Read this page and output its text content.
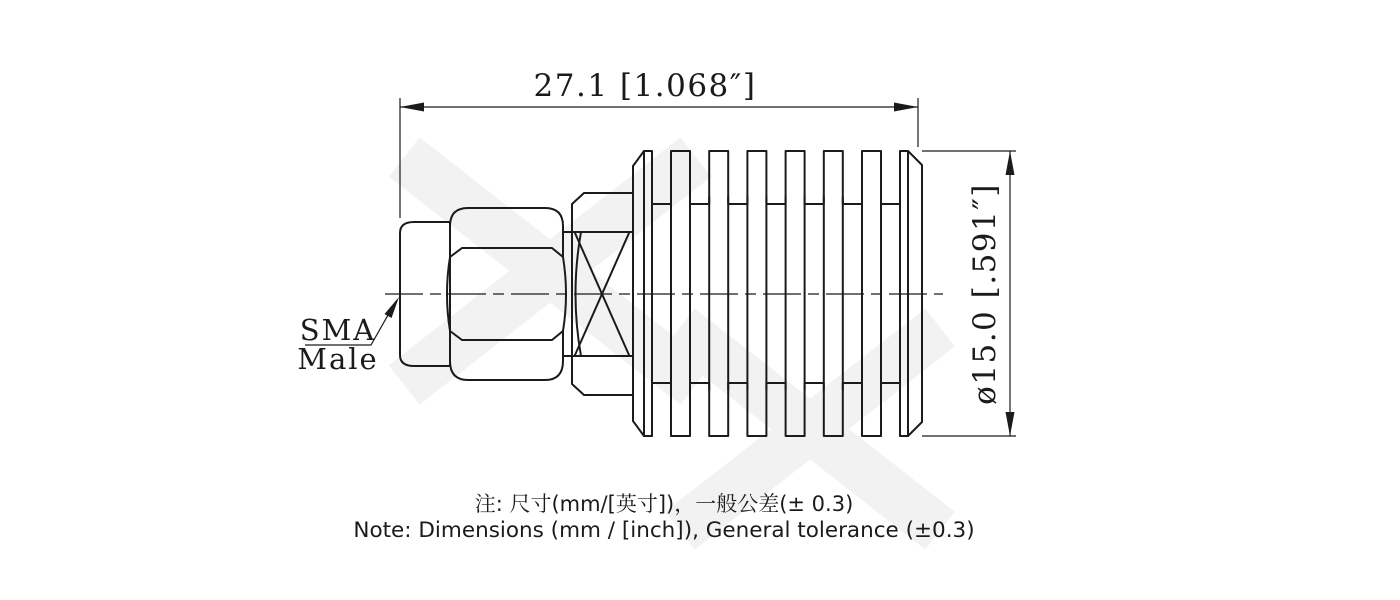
27.1 [1.068″]
ø15.0 [.591″]
SMA
Male
注: 尺寸(mm/[英寸])，一般公差(± 0.3)
Note: Dimensions (mm / [inch]), General tolerance (±0.3)
